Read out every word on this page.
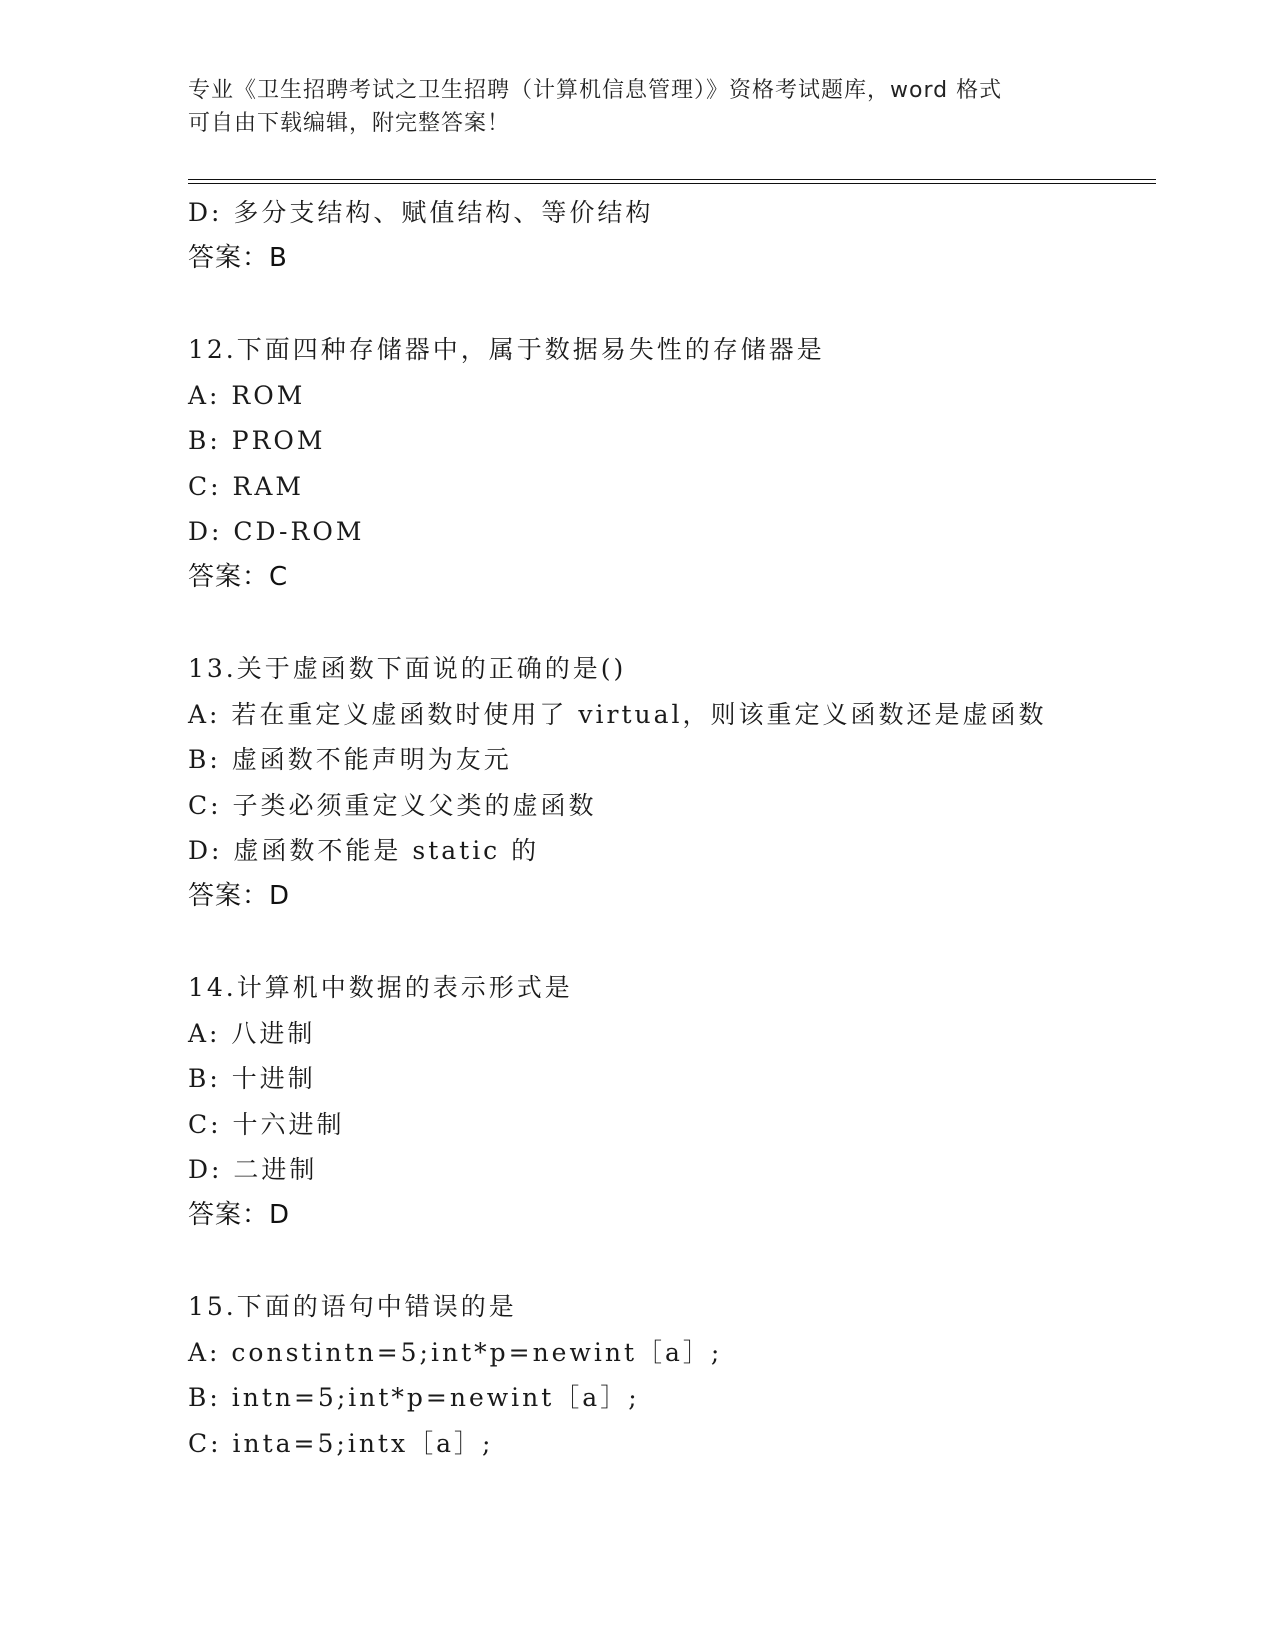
专业《卫生招聘考试之卫生招聘（计算机信息管理）》资格考试题库，word 格式
可自由下载编辑，附完整答案！
D: 多分支结构、赋值结构、等价结构
答案：B
12.下面四种存储器中，属于数据易失性的存储器是
A: ROM
B: PROM
C: RAM
D: CD-ROM
答案：C
13.关于虚函数下面说的正确的是()
A: 若在重定义虚函数时使用了 virtual，则该重定义函数还是虚函数
B: 虚函数不能声明为友元
C: 子类必须重定义父类的虚函数
D: 虚函数不能是 static 的
答案：D
14.计算机中数据的表示形式是
A: 八进制
B: 十进制
C: 十六进制
D: 二进制
答案：D
15.下面的语句中错误的是
A: constintn=5;int*p=newint［a］;
B: intn=5;int*p=newint［a］;
C: inta=5;intx［a］;
